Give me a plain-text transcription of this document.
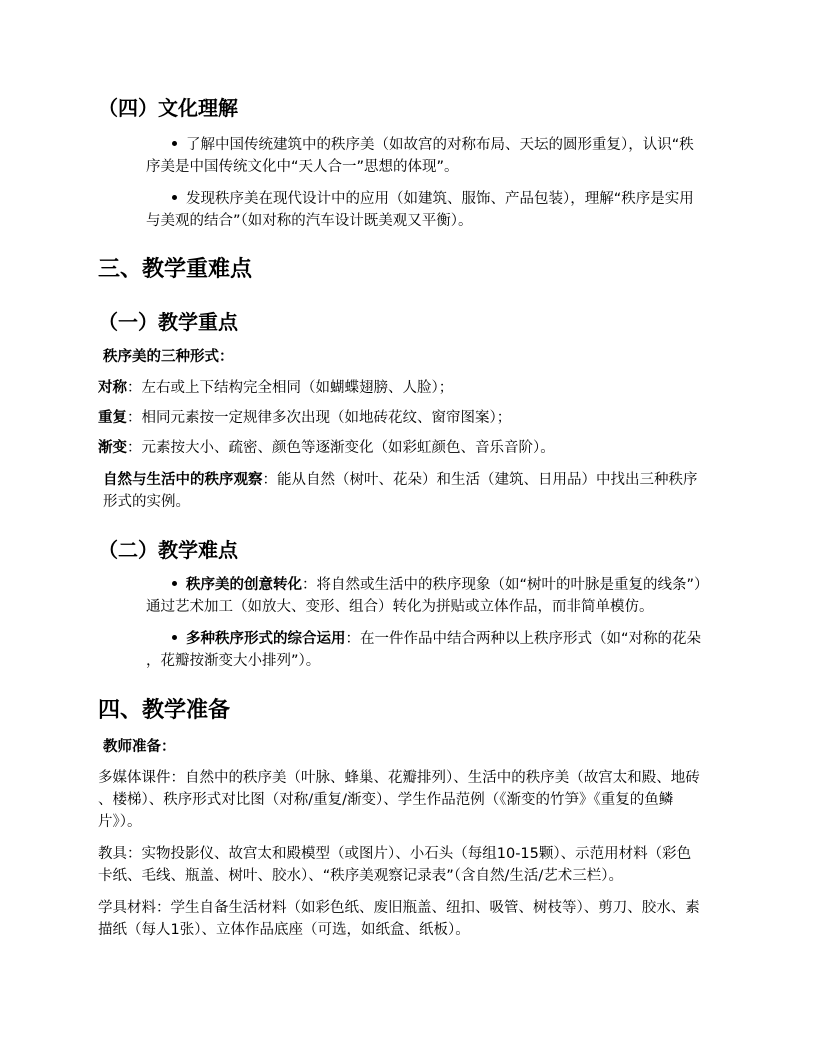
（四）文化理解
了解中国传统建筑中的秩序美（如故宫的对称布局、天坛的圆形重复），认识“秩
序美是中国传统文化中“天人合一”思想的体现”。
发现秩序美在现代设计中的应用（如建筑、服饰、产品包装），理解“秩序是实用
与美观的结合”（如对称的汽车设计既美观又平衡）。
三、教学重难点
（一）教学重点
秩序美的三种形式：
对称：左右或上下结构完全相同（如蝴蝶翅膀、人脸）；
重复：相同元素按一定规律多次出现（如地砖花纹、窗帘图案）；
渐变：元素按大小、疏密、颜色等逐渐变化（如彩虹颜色、音乐音阶）。
自然与生活中的秩序观察：能从自然（树叶、花朵）和生活（建筑、日用品）中找出三种秩序
形式的实例。
（二）教学难点
秩序美的创意转化：将自然或生活中的秩序现象（如“树叶的叶脉是重复的线条”）
通过艺术加工（如放大、变形、组合）转化为拼贴或立体作品，而非简单模仿。
多种秩序形式的综合运用：在一件作品中结合两种以上秩序形式（如“对称的花朵
，花瓣按渐变大小排列”）。
四、教学准备
教师准备：
多媒体课件：自然中的秩序美（叶脉、蜂巢、花瓣排列）、生活中的秩序美（故宫太和殿、地砖
、楼梯）、秩序形式对比图（对称/重复/渐变）、学生作品范例（《渐变的竹笋》《重复的鱼鳞
片》）。
教具：实物投影仪、故宫太和殿模型（或图片）、小石头（每组10-15颗）、示范用材料（彩色
卡纸、毛线、瓶盖、树叶、胶水）、“秩序美观察记录表”（含自然/生活/艺术三栏）。
学具材料：学生自备生活材料（如彩色纸、废旧瓶盖、纽扣、吸管、树枝等）、剪刀、胶水、素
描纸（每人1张）、立体作品底座（可选，如纸盒、纸板）。
